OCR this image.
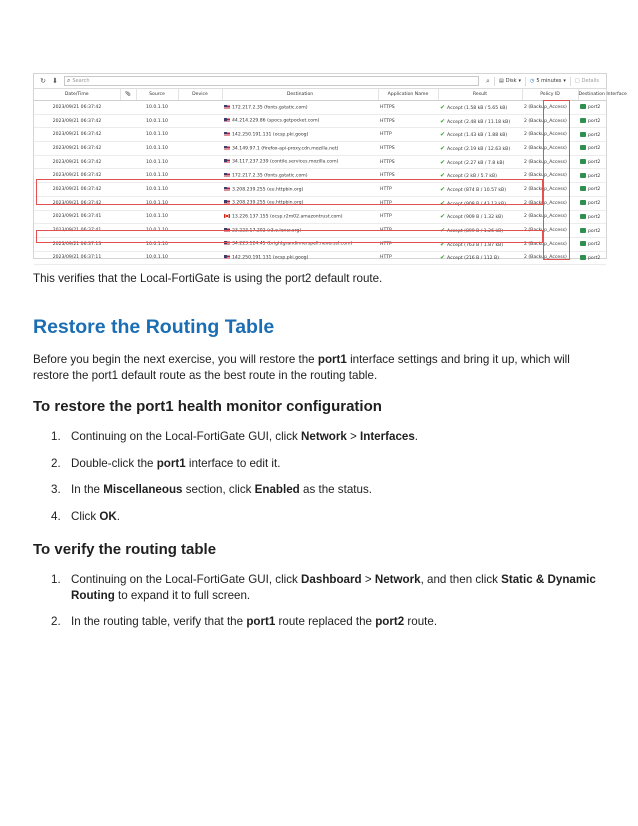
↻ ⬇	⌕ Search	⌕	▤ Disk ▾ ◷ 5 minutes ▾ □ Details
Date/Time	📎︎	Source	Device	Destination	Application Name	Result	Policy ID	Destination Interface
2023/09/21 06:37:42		10.0.1.10		172.217.2.35 (fonts.gstatic.com)	HTTPS	✔ Accept (1.58 kB / 5.65 kB)	2 (Backup_Access)	port2
2023/09/21 06:37:42		10.0.1.10		44.214.229.86 (spocs.getpocket.com)	HTTPS	✔ Accept (2.48 kB / 11.18 kB)	2 (Backup_Access)	port2
2023/09/21 06:37:42		10.0.1.10		142.250.191.131 (ocsp.pki.goog)	HTTP	✔ Accept (1.43 kB / 1.88 kB)	2 (Backup_Access)	port2
2023/09/21 06:37:42		10.0.1.10		34.149.97.1 (firefox-api-proxy.cdn.mozilla.net)	HTTPS	✔ Accept (2.19 kB / 12.63 kB)	2 (Backup_Access)	port2
2023/09/21 06:37:42		10.0.1.10		34.117.237.239 (contile.services.mozilla.com)	HTTPS	✔ Accept (2.27 kB / 7.8 kB)	2 (Backup_Access)	port2
2023/09/21 06:37:42		10.0.1.10		172.217.2.35 (fonts.gstatic.com)	HTTPS	✔ Accept (2 kB / 5.7 kB)	2 (Backup_Access)	port2
2023/09/21 06:37:42		10.0.1.10		3.208.239.255 (eu.httpbin.org)	HTTP	✔ Accept (874 B / 10.57 kB)	2 (Backup_Access)	port2
2023/09/21 06:37:42		10.0.1.10		3.208.239.255 (eu.httpbin.org)	HTTP	✔ Accept (908 B / 43.13 kB)	2 (Backup_Access)	port2
2023/09/21 06:37:41		10.0.1.10		13.226.137.155 (ocsp.r2m02.amazontrust.com)	HTTP	✔ Accept (909 B / 1.32 kB)	2 (Backup_Access)	port2
2023/09/21 06:37:41		10.0.1.10		23.223.17.202 (r3.o.lencr.org)	HTTP	✔ Accept (899 B / 1.26 kB)	2 (Backup_Access)	port2
2023/09/21 06:37:13		10.0.1.10		34.223.124.45 (brightgrandinnerspell.neverssl.com)	HTTP	✔ Accept (763 B / 1.87 kB)	2 (Backup_Access)	port2
2023/09/21 06:37:11		10.0.1.10		142.250.191.131 (ocsp.pki.goog)	HTTP	✔ Accept (216 B / 112 B)	2 (Backup_Access)	port2

This verifies that the Local-FortiGate is using the port2 default route.

Restore the Routing Table

Before you begin the next exercise, you will restore the port1 interface settings and bring it up, which will restore the port1 default route as the best route in the routing table.

To restore the port1 health monitor configuration
1. Continuing on the Local-FortiGate GUI, click Network > Interfaces.
2. Double-click the port1 interface to edit it.
3. In the Miscellaneous section, click Enabled as the status.
4. Click OK.
To verify the routing table
1. Continuing on the Local-FortiGate GUI, click Dashboard > Network, and then click Static & Dynamic Routing to expand it to full screen.
2. In the routing table, verify that the port1 route replaced the port2 route.
